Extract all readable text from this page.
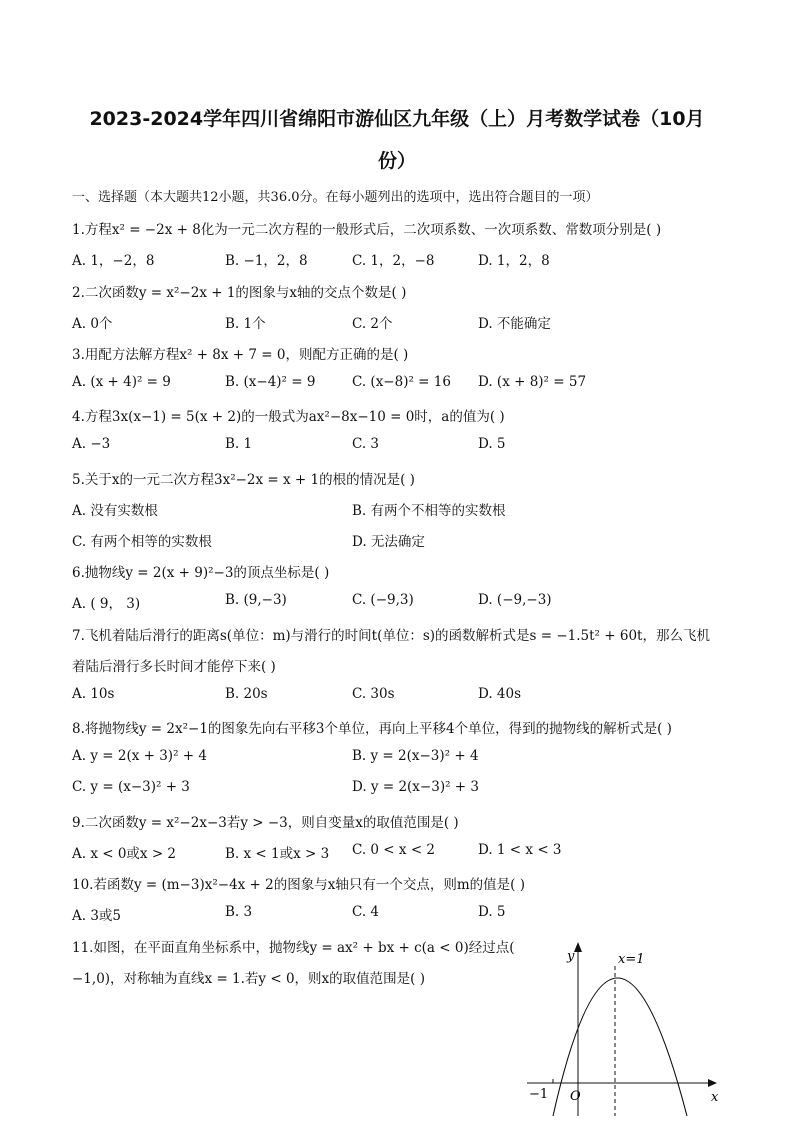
2023-2024学年四川省绵阳市游仙区九年级（上）月考数学试卷（10月
份）
一、选择题（本大题共12小题，共36.0分。在每小题列出的选项中，选出符合题目的一项）
1.方程x² = −2x + 8化为一元二次方程的一般形式后，二次项系数、一次项系数、常数项分别是( )
A. 1，−2，8	B. −1，2，8	C. 1，2，−8	D. 1，2，8
2.二次函数y = x²−2x + 1的图象与x轴的交点个数是( )
A. 0个	B. 1个	C. 2个	D. 不能确定
3.用配方法解方程x² + 8x + 7 = 0，则配方正确的是( )
A. (x + 4)² = 9	B. (x−4)² = 9	C. (x−8)² = 16 D. (x + 8)² = 57
4.方程3x(x−1) = 5(x + 2)的一般式为ax²−8x−10 = 0时，a的值为( )
A. −3	B. 1	C. 3	D. 5
5.关于x的一元二次方程3x²−2x = x + 1的根的情况是( )
A. 没有实数根	B. 有两个不相等的实数根
C. 有两个相等的实数根	D. 无法确定
6.抛物线y = 2(x + 9)²−3的顶点坐标是( )
A. ( 9， 3)	B. (9,−3)	C. (−9,3)	D. (−9,−3)
7.飞机着陆后滑行的距离s(单位：m)与滑行的时间t(单位：s)的函数解析式是s = −1.5t² + 60t，那么飞机
着陆后滑行多长时间才能停下来( )
A. 10s	B. 20s	C. 30s	D. 40s
8.将抛物线y = 2x²−1的图象先向右平移3个单位，再向上平移4个单位，得到的抛物线的解析式是( )
A. y = 2(x + 3)² + 4	B. y = 2(x−3)² + 4
C. y = (x−3)² + 3	D. y = 2(x−3)² + 3
9.二次函数y = x²−2x−3若y > −3，则自变量x的取值范围是( )
A. x < 0或x > 2	B. x < 1或x > 3 C. 0 < x < 2	D. 1 < x < 3
10.若函数y = (m−3)x²−4x + 2的图象与x轴只有一个交点，则m的值是( )
A. 3或5	B. 3	C. 4	D. 5
11.如图，在平面直角坐标系中，抛物线y = ax² + bx + c(a < 0)经过点(
−1,0)，对称轴为直线x = 1.若y < 0，则x的取值范围是( )
y
x
O
−1
x=1
